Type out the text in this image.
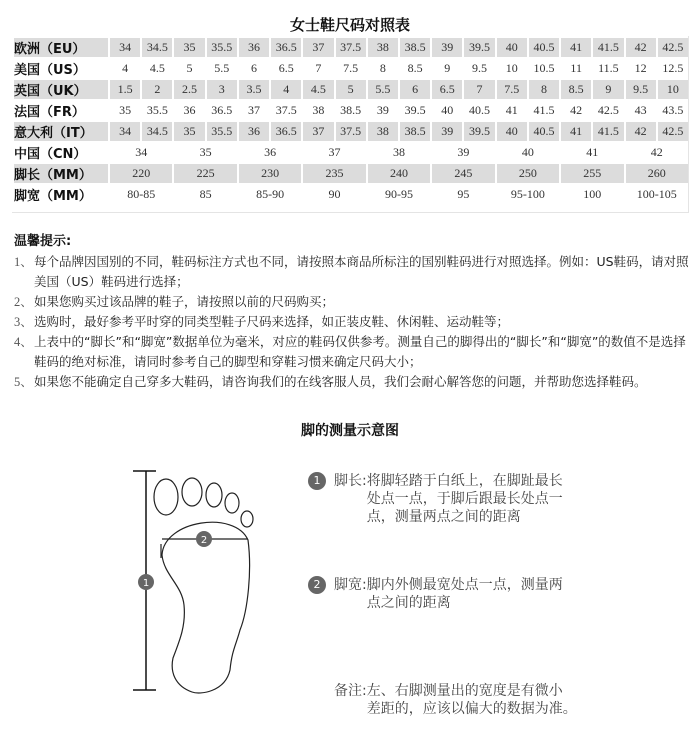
女士鞋尺码对照表
欧洲（EU）	34	34.5	35	35.5	36	36.5	37	37.5	38	38.5	39	39.5	40	40.5	41	41.5	42	42.5
美国（US）	4	4.5	5	5.5	6	6.5	7	7.5	8	8.5	9	9.5	10	10.5	11	11.5	12	12.5
英国（UK）	1.5	2	2.5	3	3.5	4	4.5	5	5.5	6	6.5	7	7.5	8	8.5	9	9.5	10
法国（FR）	35	35.5	36	36.5	37	37.5	38	38.5	39	39.5	40	40.5	41	41.5	42	42.5	43	43.5
意大利（IT）	34	34.5	35	35.5	36	36.5	37	37.5	38	38.5	39	39.5	40	40.5	41	41.5	42	42.5
中国（CN）	34		35		36		37		38		39		40		41		42	
脚长（MM）	220		225		230		235		240		245		250		255		260	
脚宽（MM）	80-85		85		85-90		90		90-95		95		95-100		100		100-105	
温馨提示:
1、 每个品牌因国别的不同，鞋码标注方式也不同，请按照本商品所标注的国别鞋码进行对照选择。例如：US鞋码，请对照美国（US）鞋码进行选择；
2、 如果您购买过该品牌的鞋子，请按照以前的尺码购买；
3、 选购时，最好参考平时穿的同类型鞋子尺码来选择，如正装皮鞋、休闲鞋、运动鞋等；
4、 上表中的“脚长”和“脚宽”数据单位为毫米，对应的鞋码仅供参考。测量自己的脚得出的“脚长”和“脚宽”的数值不是选择鞋码的绝对标准，请同时参考自己的脚型和穿鞋习惯来确定尺码大小；
5、 如果您不能确定自己穿多大鞋码，请咨询我们的在线客服人员，我们会耐心解答您的问题，并帮助您选择鞋码。
脚的测量示意图
2
1
1 脚长: 将脚轻踏于白纸上，在脚趾最长
处点一点，于脚后跟最长处点一
点，测量两点之间的距离
2 脚宽: 脚内外侧最宽处点一点，测量两
点之间的距离
备注: 左、右脚测量出的宽度是有微小
差距的，应该以偏大的数据为准。
